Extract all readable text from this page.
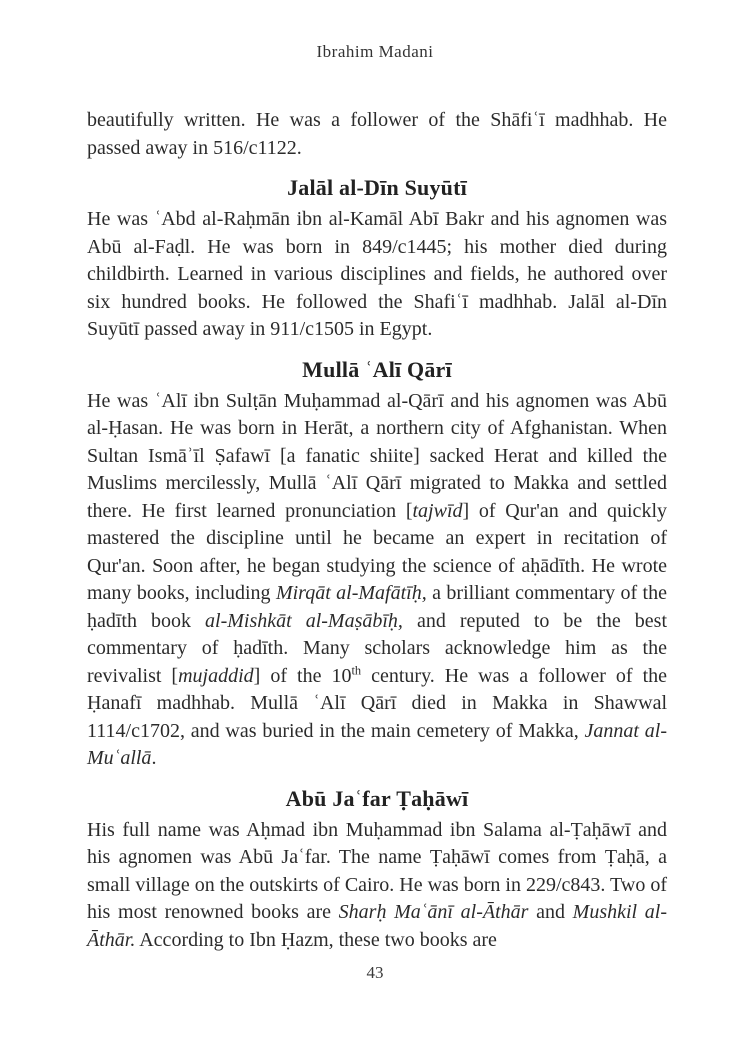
Ibrahim Madani

beautifully written. He was a follower of the Shāfiʿī madhhab. He passed away in 516/c1122.

Jalāl al-Dīn Suyūtī

He was ʿAbd al-Raḥmān ibn al-Kamāl Abī Bakr and his agnomen was Abū al-Faḍl. He was born in 849/c1445; his mother died during childbirth. Learned in various disciplines and fields, he authored over six hundred books. He followed the Shafiʿī madhhab. Jalāl al-Dīn Suyūtī passed away in 911/c1505 in Egypt.

Mullā ʿAlī Qārī

He was ʿAlī ibn Sulṭān Muḥammad al-Qārī and his agnomen was Abū al-Ḥasan. He was born in Herāt, a northern city of Afghanistan. When Sultan Ismāʾīl Ṣafawī [a fanatic shiite] sacked Herat and killed the Muslims mercilessly, Mullā ʿAlī Qārī migrated to Makka and settled there. He first learned pronunciation [tajwīd] of Qur'an and quickly mastered the discipline until he became an expert in recitation of Qur'an. Soon after, he began studying the science of aḥādīth. He wrote many books, including Mirqāt al-Mafātīḥ, a brilliant commentary of the ḥadīth book al-Mishkāt al-Maṣābīḥ, and reputed to be the best commentary of ḥadīth. Many scholars acknowledge him as the revivalist [mujaddid] of the 10th century. He was a follower of the Ḥanafī madhhab. Mullā ʿAlī Qārī died in Makka in Shawwal 1114/c1702, and was buried in the main cemetery of Makka, Jannat al-Muʿallā.

Abū Jaʿfar Ṭaḥāwī

His full name was Aḥmad ibn Muḥammad ibn Salama al-Ṭaḥāwī and his agnomen was Abū Jaʿfar. The name Ṭaḥāwī comes from Ṭaḥā, a small village on the outskirts of Cairo. He was born in 229/c843. Two of his most renowned books are Sharḥ Maʿānī al-Āthār and Mushkil al-Āthār. According to Ibn Ḥazm, these two books are

43
